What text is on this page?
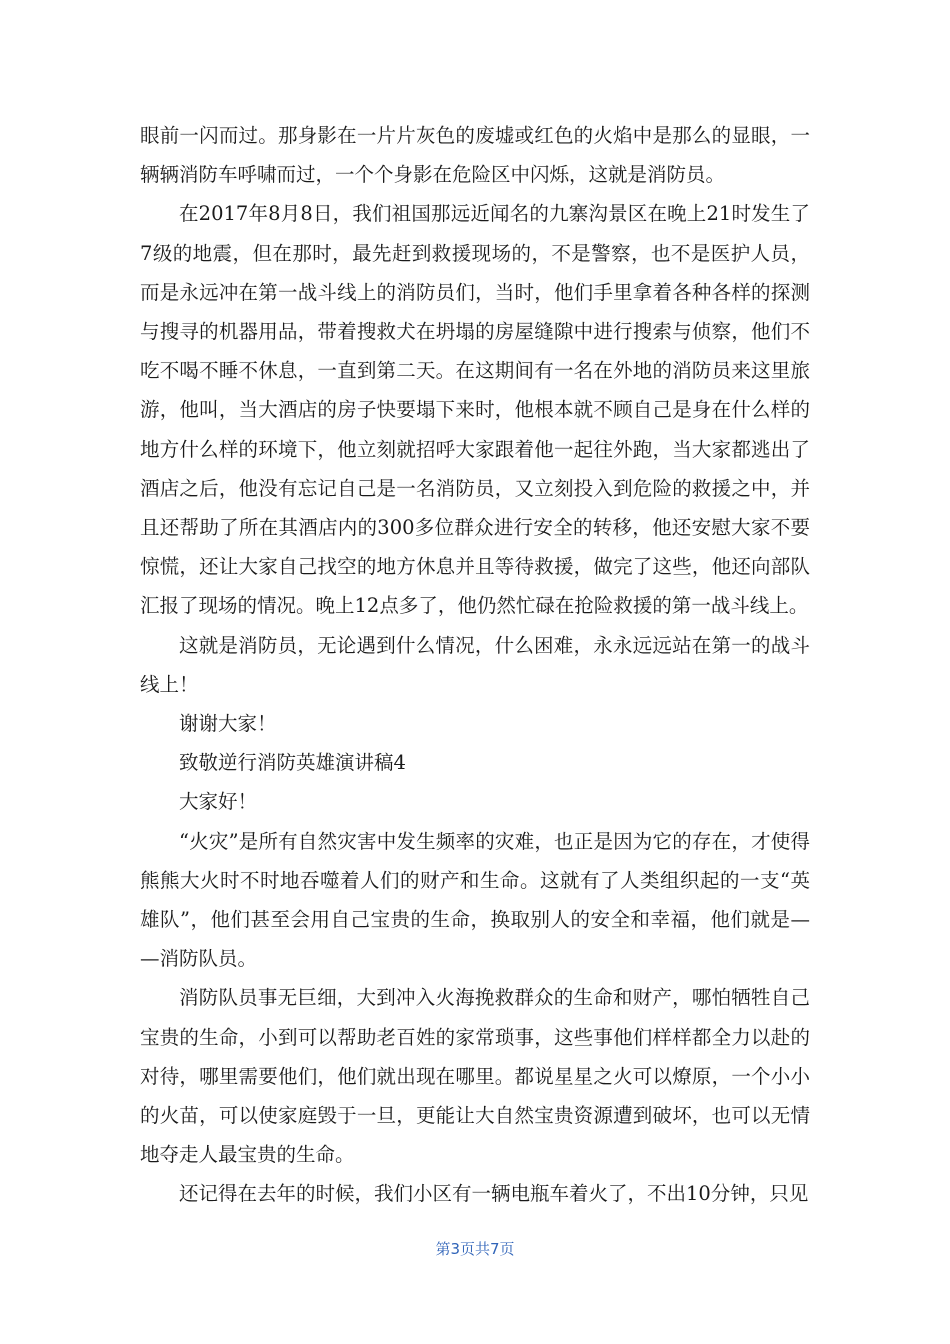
眼前一闪而过。那身影在一片片灰色的废墟或红色的火焰中是那么的显眼，一辆辆消防车呼啸而过，一个个身影在危险区中闪烁，这就是消防员。

在2017年8月8日，我们祖国那远近闻名的九寨沟景区在晚上21时发生了7级的地震，但在那时，最先赶到救援现场的，不是警察，也不是医护人员，而是永远冲在第一战斗线上的消防员们，当时，他们手里拿着各种各样的探测与搜寻的机器用品，带着搜救犬在坍塌的房屋缝隙中进行搜索与侦察，他们不吃不喝不睡不休息，一直到第二天。在这期间有一名在外地的消防员来这里旅游，他叫，当大酒店的房子快要塌下来时，他根本就不顾自己是身在什么样的地方什么样的环境下，他立刻就招呼大家跟着他一起往外跑，当大家都逃出了酒店之后，他没有忘记自己是一名消防员，又立刻投入到危险的救援之中，并且还帮助了所在其酒店内的300多位群众进行安全的转移，他还安慰大家不要惊慌，还让大家自己找空的地方休息并且等待救援，做完了这些，他还向部队汇报了现场的情况。晚上12点多了，他仍然忙碌在抢险救援的第一战斗线上。

这就是消防员，无论遇到什么情况，什么困难，永永远远站在第一的战斗线上！

谢谢大家！

致敬逆行消防英雄演讲稿4

大家好！

“火灾”是所有自然灾害中发生频率的灾难，也正是因为它的存在，才使得熊熊大火时不时地吞噬着人们的财产和生命。这就有了人类组织起的一支“英雄队”，他们甚至会用自己宝贵的生命，换取别人的安全和幸福，他们就是——消防队员。

消防队员事无巨细，大到冲入火海挽救群众的生命和财产，哪怕牺牲自己宝贵的生命，小到可以帮助老百姓的家常琐事，这些事他们样样都全力以赴的对待，哪里需要他们，他们就出现在哪里。都说星星之火可以燎原，一个小小的火苗，可以使家庭毁于一旦，更能让大自然宝贵资源遭到破坏，也可以无情地夺走人最宝贵的生命。

还记得在去年的时候，我们小区有一辆电瓶车着火了，不出10分钟，只见

第3页共7页
